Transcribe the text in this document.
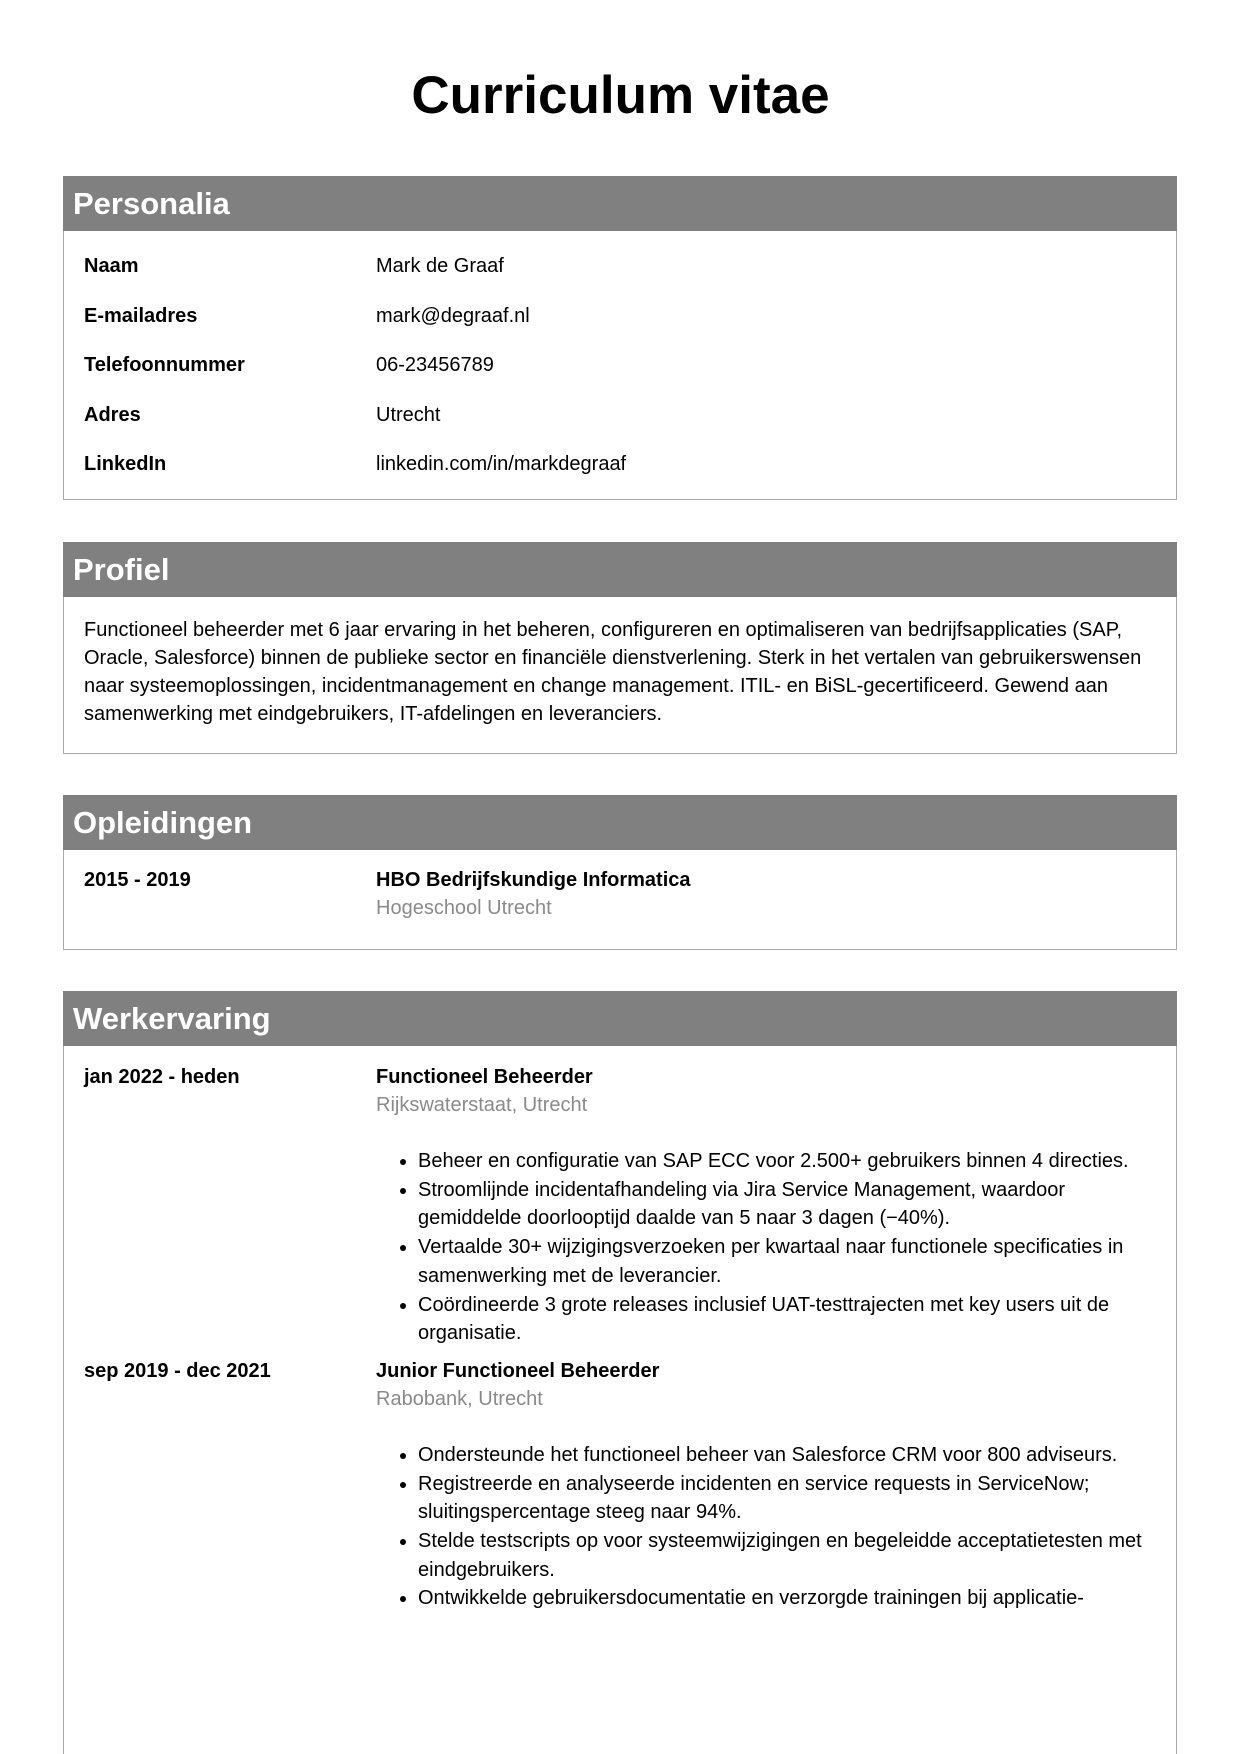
Curriculum vitae
Personalia
Naam	Mark de Graaf
E-mailadres	mark@degraaf.nl
Telefoonnummer	06-23456789
Adres	Utrecht
LinkedIn	linkedin.com/in/markdegraaf
Profiel
Functioneel beheerder met 6 jaar ervaring in het beheren, configureren en optimaliseren van bedrijfsapplicaties (SAP, Oracle, Salesforce) binnen de publieke sector en financiële dienstverlening. Sterk in het vertalen van gebruikerswensen naar systeemoplossingen, incidentmanagement en change management. ITIL- en BiSL-gecertificeerd. Gewend aan samenwerking met eindgebruikers, IT-afdelingen en leveranciers.
Opleidingen
2015 - 2019	HBO Bedrijfskundige Informatica
Hogeschool Utrecht
Werkervaring
jan 2022 - heden	Functioneel Beheerder
Rijkswaterstaat, Utrecht
• Beheer en configuratie van SAP ECC voor 2.500+ gebruikers binnen 4 directies.
• Stroomlijnde incidentafhandeling via Jira Service Management, waardoor gemiddelde doorlooptijd daalde van 5 naar 3 dagen (−40%).
• Vertaalde 30+ wijzigingsverzoeken per kwartaal naar functionele specificaties in samenwerking met de leverancier.
• Coördineerde 3 grote releases inclusief UAT-testtrajecten met key users uit de organisatie.
sep 2019 - dec 2021	Junior Functioneel Beheerder
Rabobank, Utrecht
• Ondersteunde het functioneel beheer van Salesforce CRM voor 800 adviseurs.
• Registreerde en analyseerde incidenten en service requests in ServiceNow; sluitingspercentage steeg naar 94%.
• Stelde testscripts op voor systeemwijzigingen en begeleidde acceptatietesten met eindgebruikers.
• Ontwikkelde gebruikersdocumentatie en verzorgde trainingen bij applicatie-
